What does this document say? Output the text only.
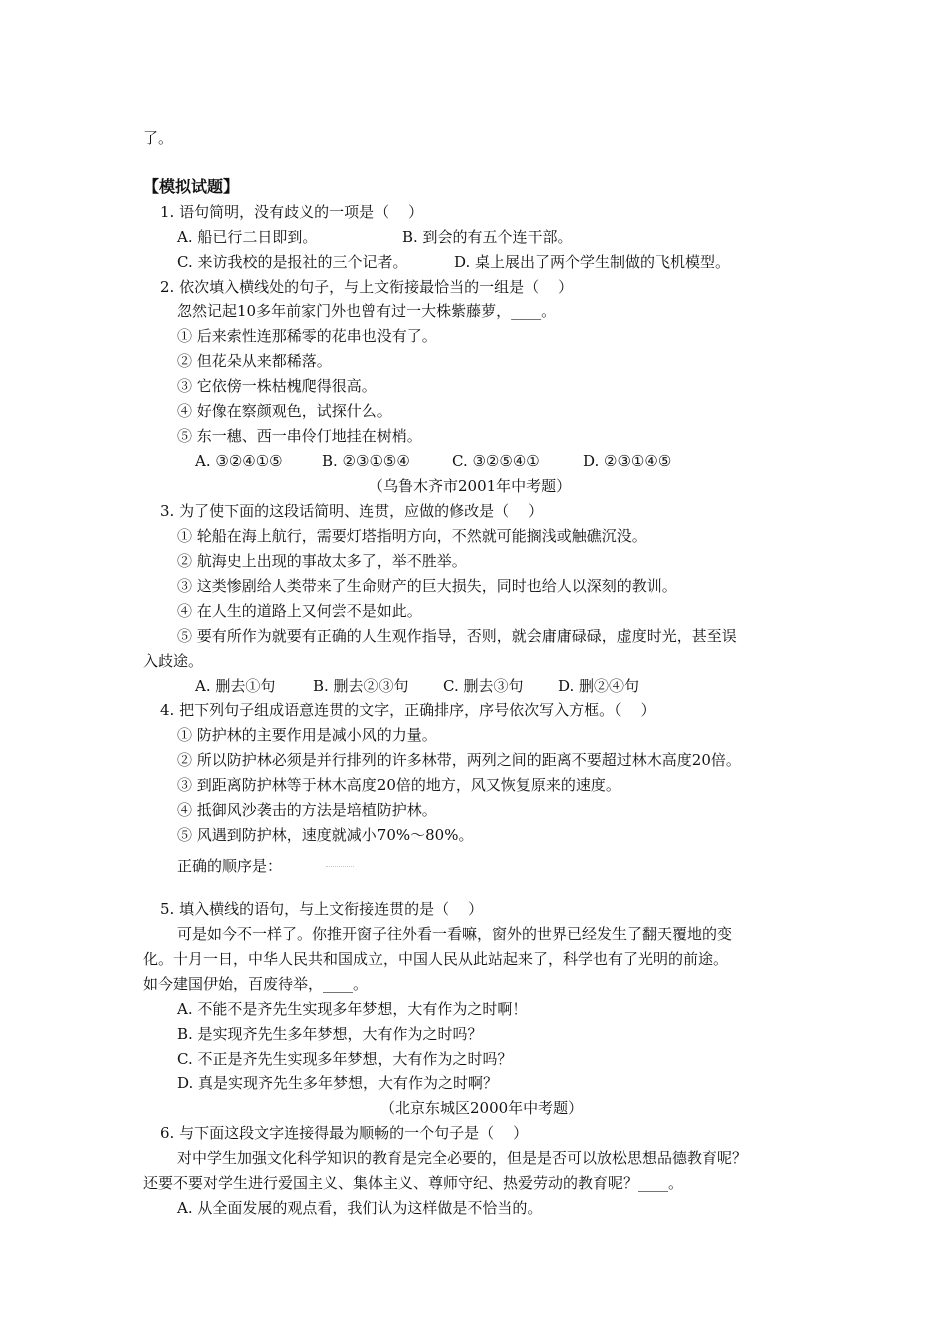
了。
【模拟试题】
1. 语句简明，没有歧义的一项是（    ）
A. 船已行二日即到。	B. 到会的有五个连干部。
C. 来访我校的是报社的三个记者。	D. 桌上展出了两个学生制做的飞机模型。
2. 依次填入横线处的句子，与上文衔接最恰当的一组是（    ）
忽然记起10多年前家门外也曾有过一大株紫藤萝，____。
① 后来索性连那稀零的花串也没有了。
② 但花朵从来都稀落。
③ 它依傍一株枯槐爬得很高。
④ 好像在察颜观色，试探什么。
⑤ 东一穗、西一串伶仃地挂在树梢。
A. ③②④①⑤	B. ②③①⑤④	C. ③②⑤④①	D. ②③①④⑤
（乌鲁木齐市2001年中考题）
3. 为了使下面的这段话简明、连贯，应做的修改是（    ）
① 轮船在海上航行，需要灯塔指明方向，不然就可能搁浅或触礁沉没。
② 航海史上出现的事故太多了，举不胜举。
③ 这类惨剧给人类带来了生命财产的巨大损失，同时也给人以深刻的教训。
④ 在人生的道路上又何尝不是如此。
⑤ 要有所作为就要有正确的人生观作指导，否则，就会庸庸碌碌，虚度时光，甚至误
入歧途。
A. 删去①句	B. 删去②③句 C. 删去③句 D. 删②④句
4. 把下列句子组成语意连贯的文字，正确排序，序号依次写入方框。（    ）
① 防护林的主要作用是减小风的力量。
② 所以防护林必须是并行排列的许多林带，两列之间的距离不要超过林木高度20倍。
③ 到距离防护林等于林木高度20倍的地方，风又恢复原来的速度。
④ 抵御风沙袭击的方法是培植防护林。
⑤ 风遇到防护林，速度就减小70%～80%。
正确的顺序是：
5. 填入横线的语句，与上文衔接连贯的是（    ）
可是如今不一样了。你推开窗子往外看一看嘛，窗外的世界已经发生了翻天覆地的变
化。十月一日，中华人民共和国成立，中国人民从此站起来了，科学也有了光明的前途。
如今建国伊始，百废待举，____。
A. 不能不是齐先生实现多年梦想，大有作为之时啊！
B. 是实现齐先生多年梦想，大有作为之时吗？
C. 不正是齐先生实现多年梦想，大有作为之时吗？
D. 真是实现齐先生多年梦想，大有作为之时啊？
（北京东城区2000年中考题）
6. 与下面这段文字连接得最为顺畅的一个句子是（    ）
对中学生加强文化科学知识的教育是完全必要的，但是是否可以放松思想品德教育呢？
还要不要对学生进行爱国主义、集体主义、尊师守纪、热爱劳动的教育呢？____。
A. 从全面发展的观点看，我们认为这样做是不恰当的。
